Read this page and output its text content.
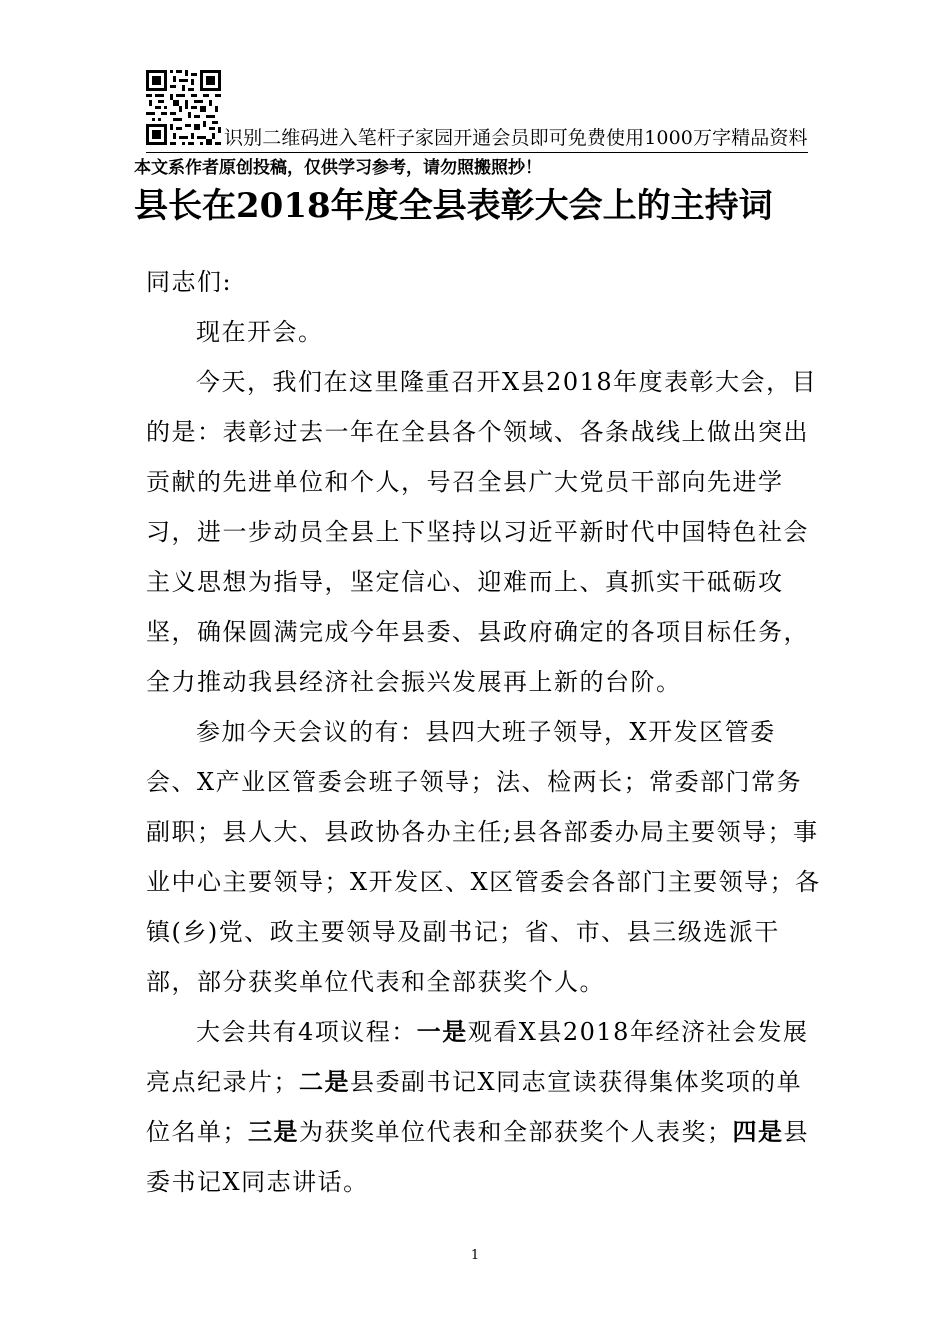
识别二维码进入笔杆子家园开通会员即可免费使用1000万字精品资料
本文系作者原创投稿，仅供学习参考，请勿照搬照抄！
县长在2018年度全县表彰大会上的主持词

同志们:

现在开会。

今天，我们在这里隆重召开X县2018年度表彰大会，目的是：表彰过去一年在全县各个领域、各条战线上做出突出贡献的先进单位和个人，号召全县广大党员干部向先进学习，进一步动员全县上下坚持以习近平新时代中国特色社会主义思想为指导，坚定信心、迎难而上、真抓实干砥砺攻坚，确保圆满完成今年县委、县政府确定的各项目标任务，全力推动我县经济社会振兴发展再上新的台阶。

参加今天会议的有：县四大班子领导，X开发区管委会、X产业区管委会班子领导；法、检两长；常委部门常务副职；县人大、县政协各办主任;县各部委办局主要领导；事业中心主要领导；X开发区、X区管委会各部门主要领导；各镇(乡)党、政主要领导及副书记；省、市、县三级选派干部，部分获奖单位代表和全部获奖个人。

大会共有4项议程：一是观看X县2018年经济社会发展亮点纪录片；二是县委副书记X同志宣读获得集体奖项的单位名单；三是为获奖单位代表和全部获奖个人表奖；四是县委书记X同志讲话。

1
